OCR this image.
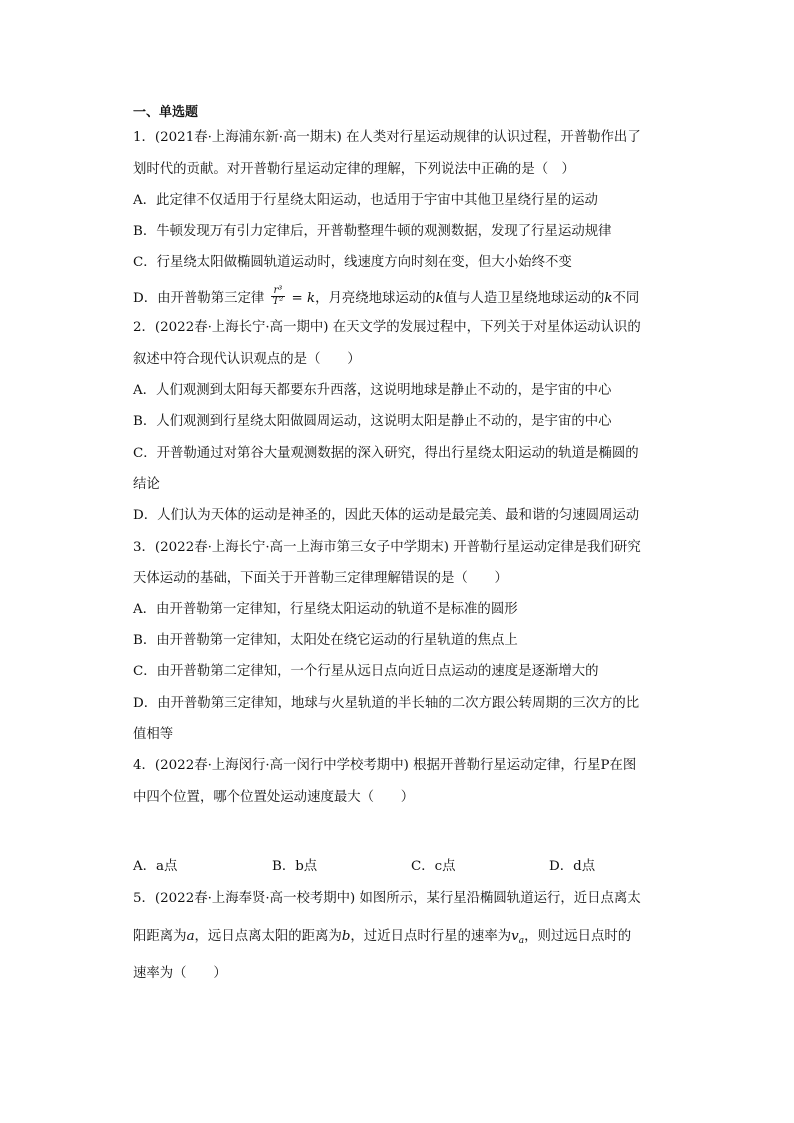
一、单选题
1．(2021春·上海浦东新·高一期末) 在人类对行星运动规律的认识过程，开普勒作出了
划时代的贡献。对开普勒行星运动定律的理解，下列说法中正确的是（　）
A．此定律不仅适用于行星绕太阳运动，也适用于宇宙中其他卫星绕行星的运动
B．牛顿发现万有引力定律后，开普勒整理牛顿的观测数据，发现了行星运动规律
C．行星绕太阳做椭圆轨道运动时，线速度方向时刻在变，但大小始终不变
D．由开普勒第三定律 $\frac{\text{r³}}{\text{T²}} = k$，月亮绕地球运动的k值与人造卫星绕地球运动的k不同
2．(2022春·上海长宁·高一期中) 在天文学的发展过程中，下列关于对星体运动认识的
叙述中符合现代认识观点的是（　　）
A．人们观测到太阳每天都要东升西落，这说明地球是静止不动的，是宇宙的中心
B．人们观测到行星绕太阳做圆周运动，这说明太阳是静止不动的，是宇宙的中心
C．开普勒通过对第谷大量观测数据的深入研究，得出行星绕太阳运动的轨道是椭圆的
结论
D．人们认为天体的运动是神圣的，因此天体的运动是最完美、最和谐的匀速圆周运动
3．(2022春·上海长宁·高一上海市第三女子中学期末) 开普勒行星运动定律是我们研究
天体运动的基础，下面关于开普勒三定律理解错误的是（　　）
A．由开普勒第一定律知，行星绕太阳运动的轨道不是标准的圆形
B．由开普勒第一定律知，太阳处在绕它运动的行星轨道的焦点上
C．由开普勒第二定律知，一个行星从远日点向近日点运动的速度是逐渐增大的
D．由开普勒第三定律知，地球与火星轨道的半长轴的二次方跟公转周期的三次方的比
值相等
4．(2022春·上海闵行·高一闵行中学校考期中) 根据开普勒行星运动定律，行星P在图
中四个位置，哪个位置处运动速度最大（　　）
A．a点	B．b点	C．c点	D．d点
5．(2022春·上海奉贤·高一校考期中) 如图所示，某行星沿椭圆轨道运行，近日点离太
阳距离为a，远日点离太阳的距离为b，过近日点时行星的速率为$v_a$，则过远日点时的
速率为（　　）
